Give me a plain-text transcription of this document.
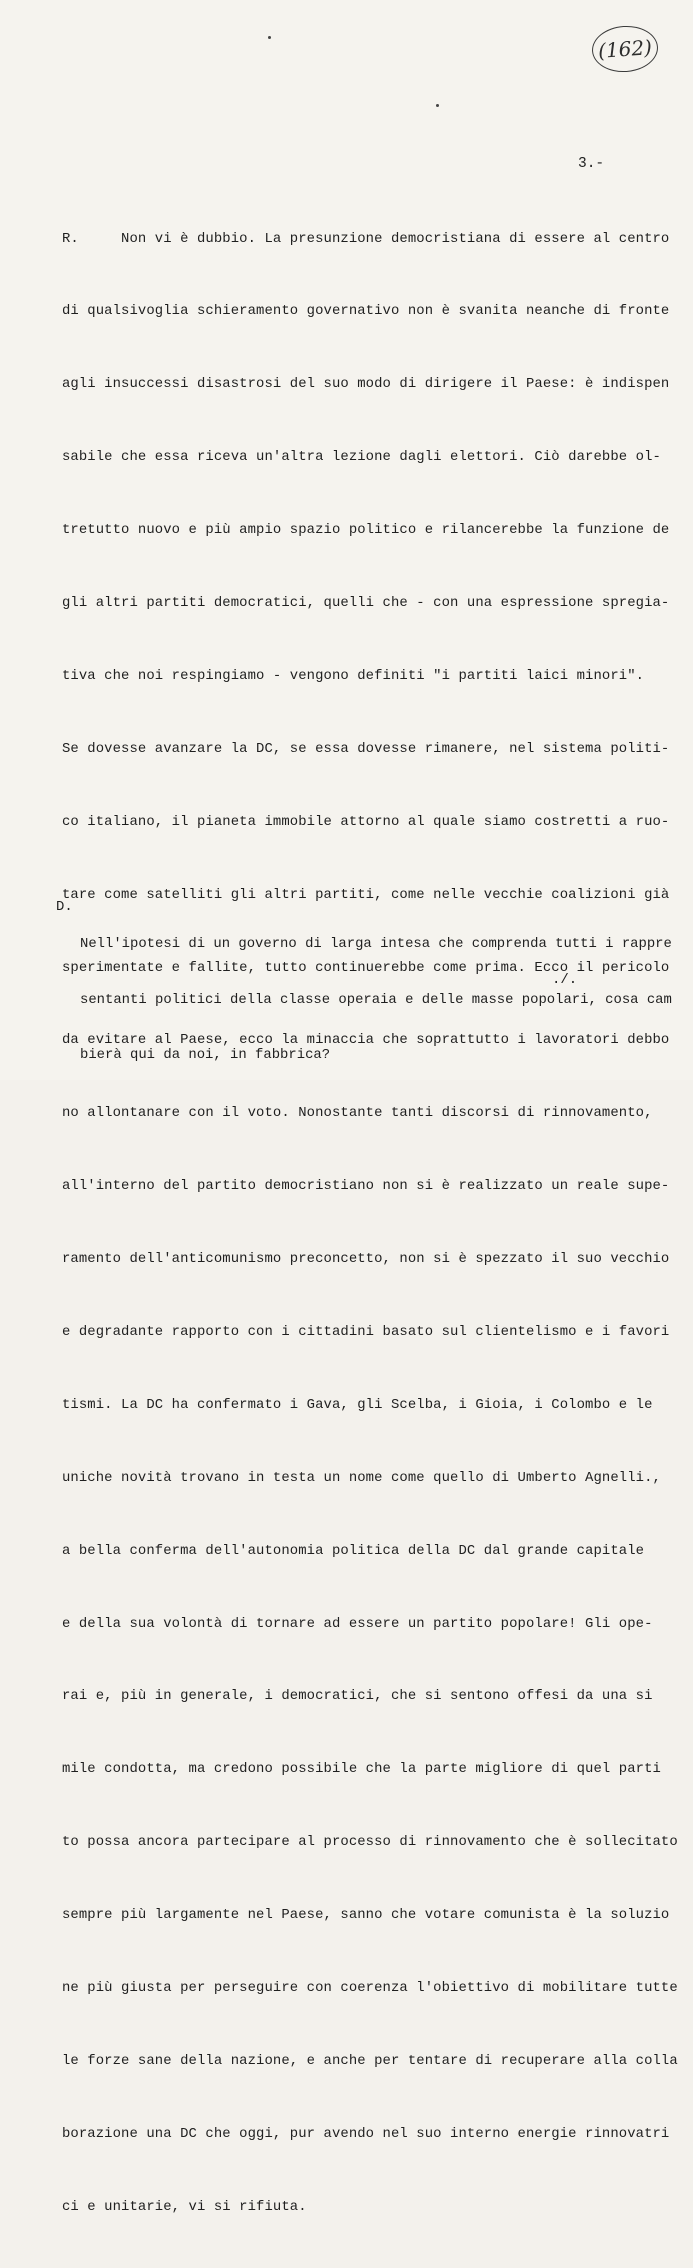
(162)
3.-

R.     Non vi è dubbio. La presunzione democristiana di essere al centro

di qualsivoglia schieramento governativo non è svanita neanche di fronte

agli insuccessi disastrosi del suo modo di dirigere il Paese: è indispen

sabile che essa riceva un'altra lezione dagli elettori. Ciò darebbe ol-

tretutto nuovo e più ampio spazio politico e rilancerebbe la funzione de

gli altri partiti democratici, quelli che - con una espressione spregia-

tiva che noi respingiamo - vengono definiti "i partiti laici minori".

Se dovesse avanzare la DC, se essa dovesse rimanere, nel sistema politi-

co italiano, il pianeta immobile attorno al quale siamo costretti a ruo-

tare come satelliti gli altri partiti, come nelle vecchie coalizioni già

sperimentate e fallite, tutto continuerebbe come prima. Ecco il pericolo

da evitare al Paese, ecco la minaccia che soprattutto i lavoratori debbo

no allontanare con il voto. Nonostante tanti discorsi di rinnovamento,

all'interno del partito democristiano non si è realizzato un reale supe-

ramento dell'anticomunismo preconcetto, non si è spezzato il suo vecchio

e degradante rapporto con i cittadini basato sul clientelismo e i favori

tismi. La DC ha confermato i Gava, gli Scelba, i Gioia, i Colombo e le

uniche novità trovano in testa un nome come quello di Umberto Agnelli.,

a bella conferma dell'autonomia politica della DC dal grande capitale

e della sua volontà di tornare ad essere un partito popolare! Gli ope-

rai e, più in generale, i democratici, che si sentono offesi da una si

mile condotta, ma credono possibile che la parte migliore di quel parti

to possa ancora partecipare al processo di rinnovamento che è sollecitato

sempre più largamente nel Paese, sanno che votare comunista è la soluzio

ne più giusta per perseguire con coerenza l'obiettivo di mobilitare tutte

le forze sane della nazione, e anche per tentare di recuperare alla colla

borazione una DC che oggi, pur avendo nel suo interno energie rinnovatri

ci e unitarie, vi si rifiuta.

D.

Nell'ipotesi di un governo di larga intesa che comprenda tutti i rappre

sentanti politici della classe operaia e delle masse popolari, cosa cam

bierà qui da noi, in fabbrica?

./.
